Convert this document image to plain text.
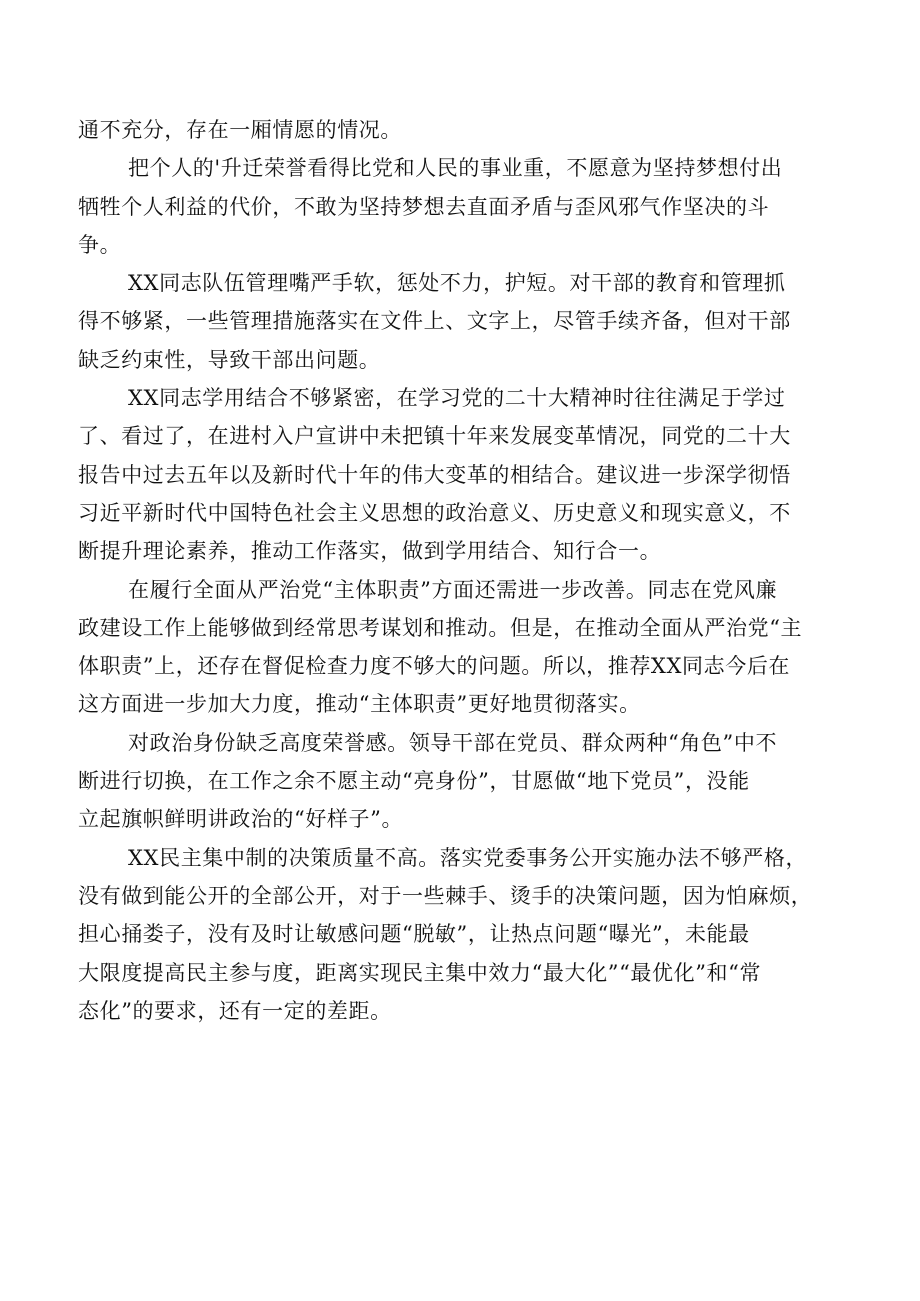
通不充分，存在一厢情愿的情况。
把个人的'升迁荣誉看得比党和人民的事业重，不愿意为坚持梦想付出
牺牲个人利益的代价，不敢为坚持梦想去直面矛盾与歪风邪气作坚决的斗
争。
XX同志队伍管理嘴严手软，惩处不力，护短。对干部的教育和管理抓
得不够紧，一些管理措施落实在文件上、文字上，尽管手续齐备，但对干部
缺乏约束性，导致干部出问题。
XX同志学用结合不够紧密，在学习党的二十大精神时往往满足于学过
了、看过了，在进村入户宣讲中未把镇十年来发展变革情况，同党的二十大
报告中过去五年以及新时代十年的伟大变革的相结合。建议进一步深学彻悟
习近平新时代中国特色社会主义思想的政治意义、历史意义和现实意义，不
断提升理论素养，推动工作落实，做到学用结合、知行合一。
在履行全面从严治党“主体职责”方面还需进一步改善。同志在党风廉
政建设工作上能够做到经常思考谋划和推动。但是，在推动全面从严治党“主
体职责”上，还存在督促检查力度不够大的问题。所以，推荐XX同志今后在
这方面进一步加大力度，推动“主体职责”更好地贯彻落实。
对政治身份缺乏高度荣誉感。领导干部在党员、群众两种“角色”中不
断进行切换，在工作之余不愿主动“亮身份”，甘愿做“地下党员”，没能
立起旗帜鲜明讲政治的“好样子”。
XX民主集中制的决策质量不高。落实党委事务公开实施办法不够严格，
没有做到能公开的全部公开，对于一些棘手、烫手的决策问题，因为怕麻烦，
担心捅娄子，没有及时让敏感问题“脱敏”，让热点问题“曝光”，未能最
大限度提高民主参与度，距离实现民主集中效力“最大化”“最优化”和“常
态化”的要求，还有一定的差距。
